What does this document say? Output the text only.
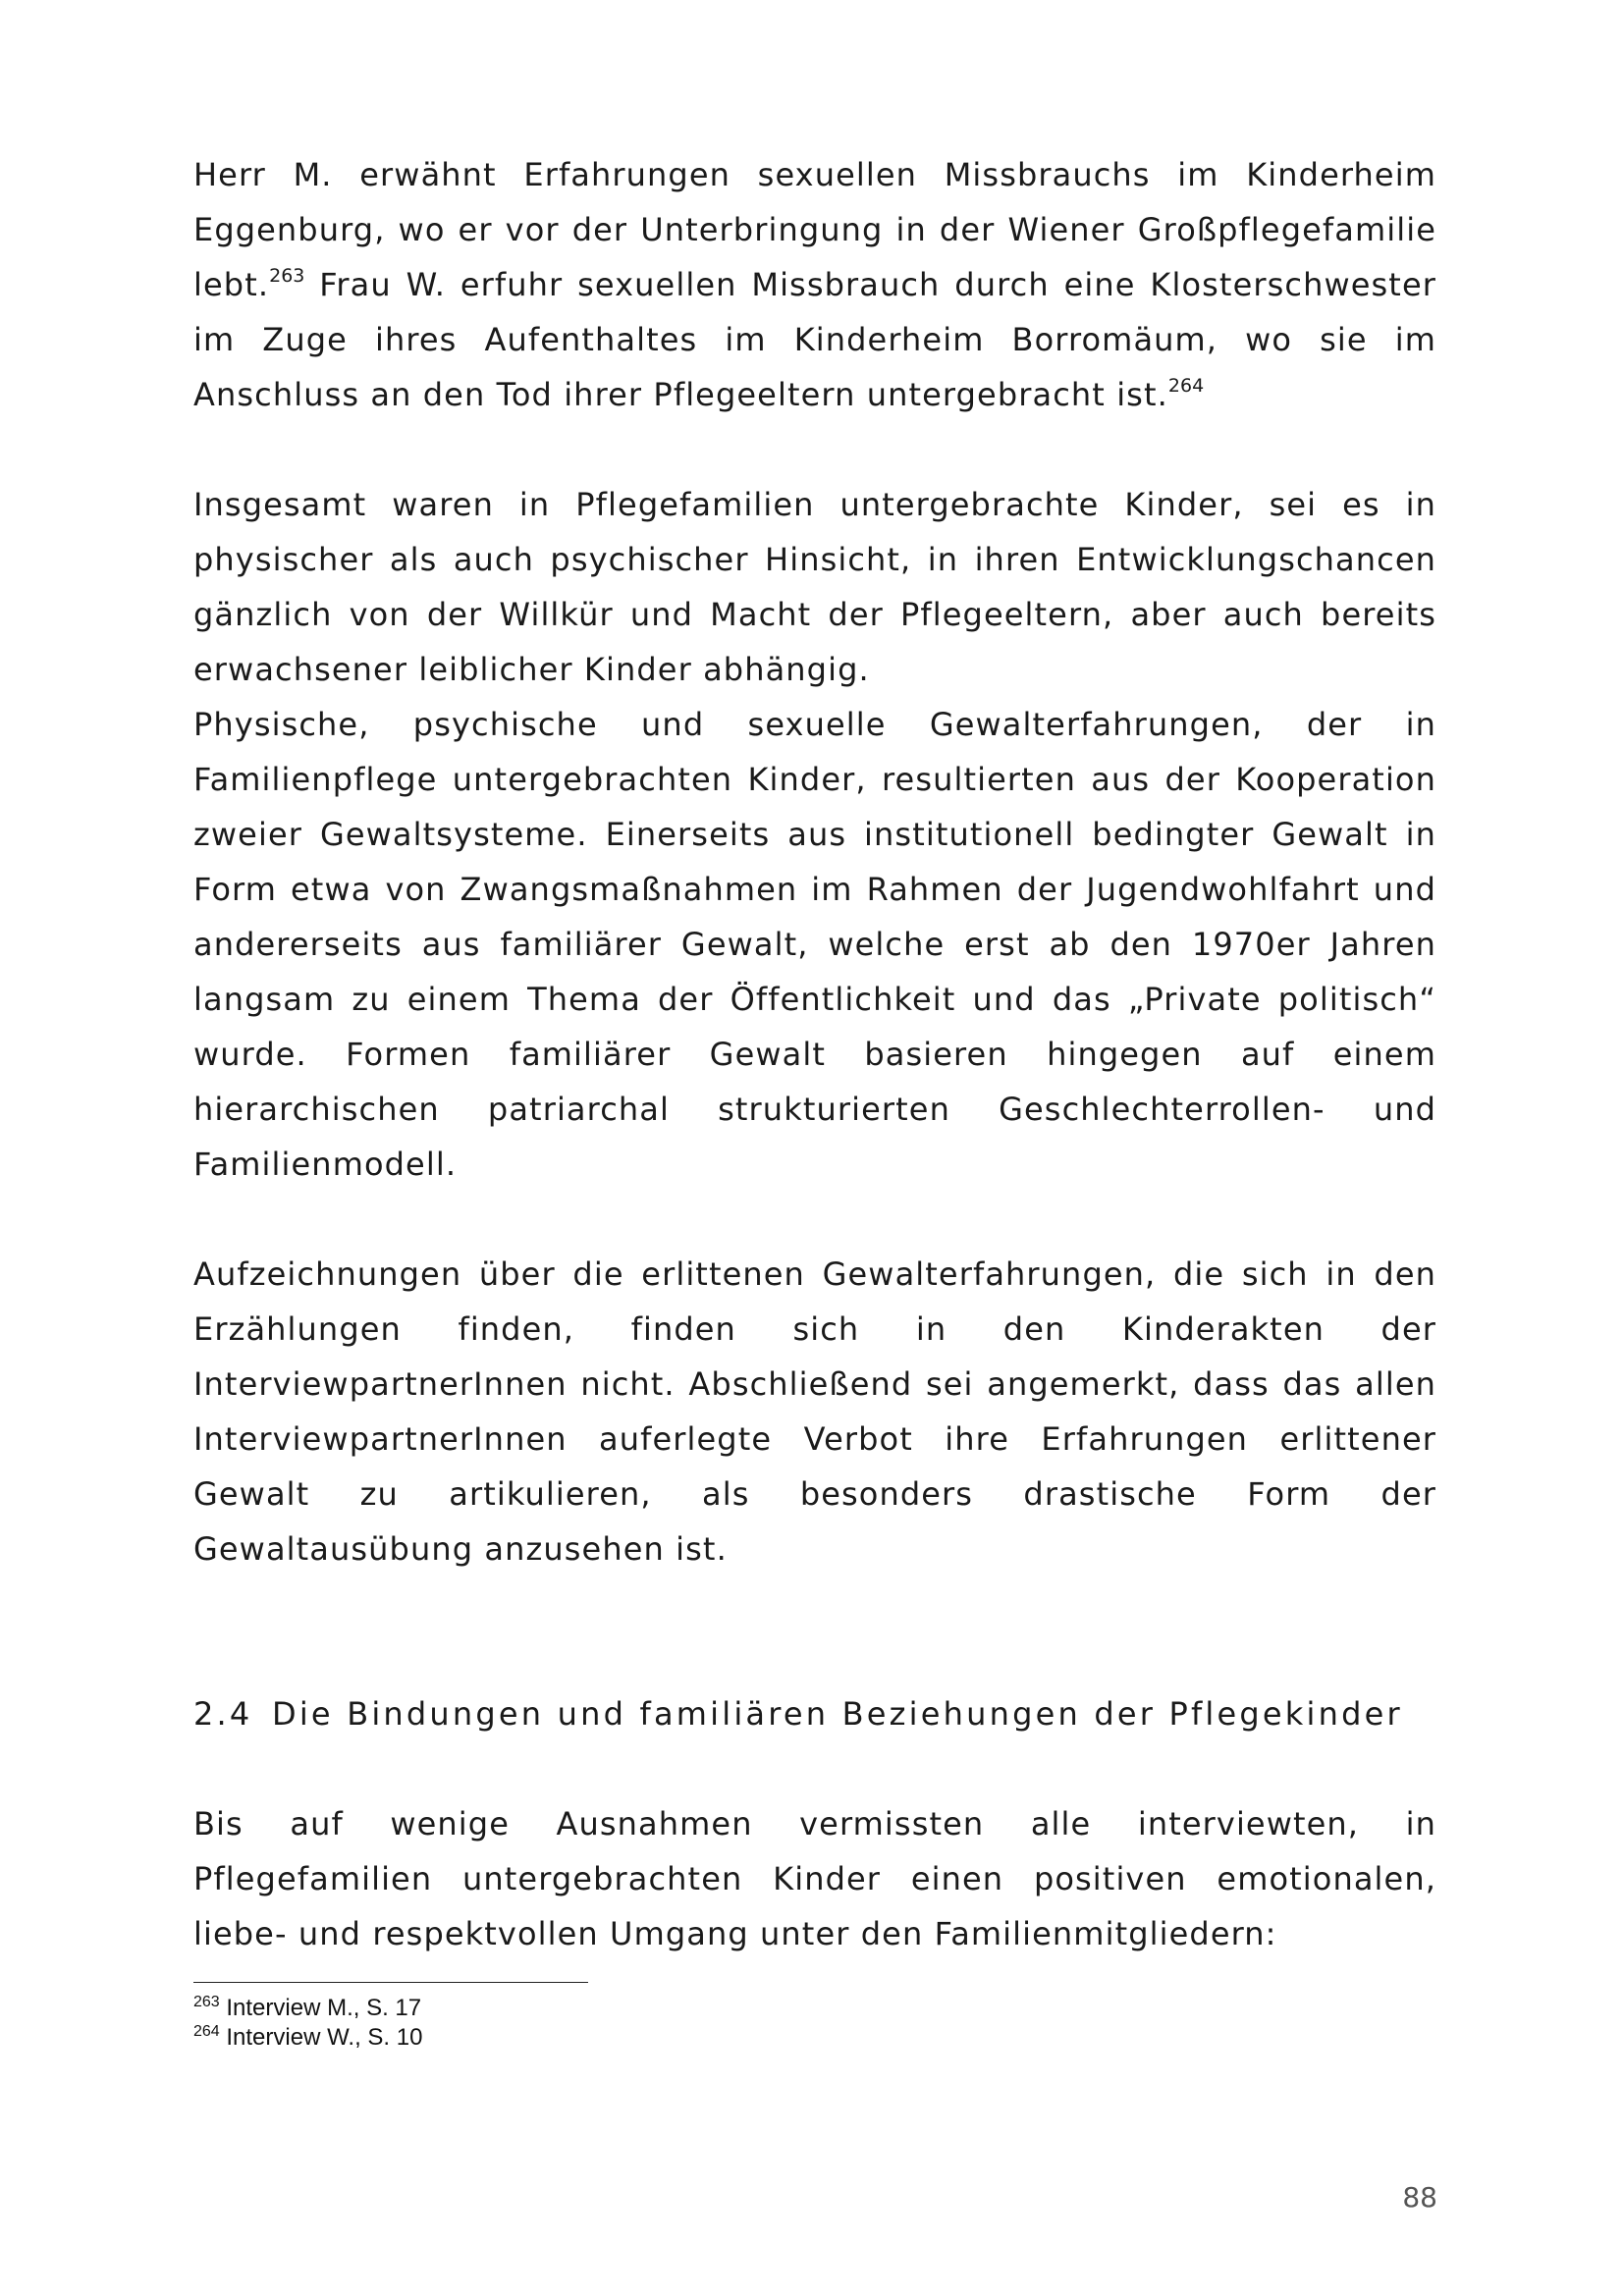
Herr M. erwähnt Erfahrungen sexuellen Missbrauchs im Kinderheim Eggenburg, wo er vor der Unterbringung in der Wiener Großpflegefamilie lebt.$^{263}$ Frau W. erfuhr sexuellen Missbrauch durch eine Klosterschwester im Zuge ihres Aufenthaltes im Kinderheim Borromäum, wo sie im Anschluss an den Tod ihrer Pflegeeltern untergebracht ist.$^{264}$

Insgesamt waren in Pflegefamilien untergebrachte Kinder, sei es in physischer als auch psychischer Hinsicht, in ihren Entwicklungschancen gänzlich von der Willkür und Macht der Pflegeeltern, aber auch bereits erwachsener leiblicher Kinder abhängig.

Physische, psychische und sexuelle Gewalterfahrungen, der in Familienpflege untergebrachten Kinder, resultierten aus der Kooperation zweier Gewaltsysteme. Einerseits aus institutionell bedingter Gewalt in Form etwa von Zwangsmaßnahmen im Rahmen der Jugendwohlfahrt und andererseits aus familiärer Gewalt, welche erst ab den 1970er Jahren langsam zu einem Thema der Öffentlichkeit und das „Private politisch“ wurde. Formen familiärer Gewalt basieren hingegen auf einem hierarchischen patriarchal strukturierten Geschlechterrollen- und Familienmodell.

Aufzeichnungen über die erlittenen Gewalterfahrungen, die sich in den Erzählungen finden, finden sich in den Kinderakten der InterviewpartnerInnen nicht. Abschließend sei angemerkt, dass das allen InterviewpartnerInnen auferlegte Verbot ihre Erfahrungen erlittener Gewalt zu artikulieren, als besonders drastische Form der Gewaltausübung anzusehen ist.

2.4 Die Bindungen und familiären Beziehungen der Pflegekinder

Bis auf wenige Ausnahmen vermissten alle interviewten, in Pflegefamilien untergebrachten Kinder einen positiven emotionalen, liebe- und respektvollen Umgang unter den Familienmitgliedern:

$^{263}$ Interview M., S. 17
$^{264}$ Interview W., S. 10
88
